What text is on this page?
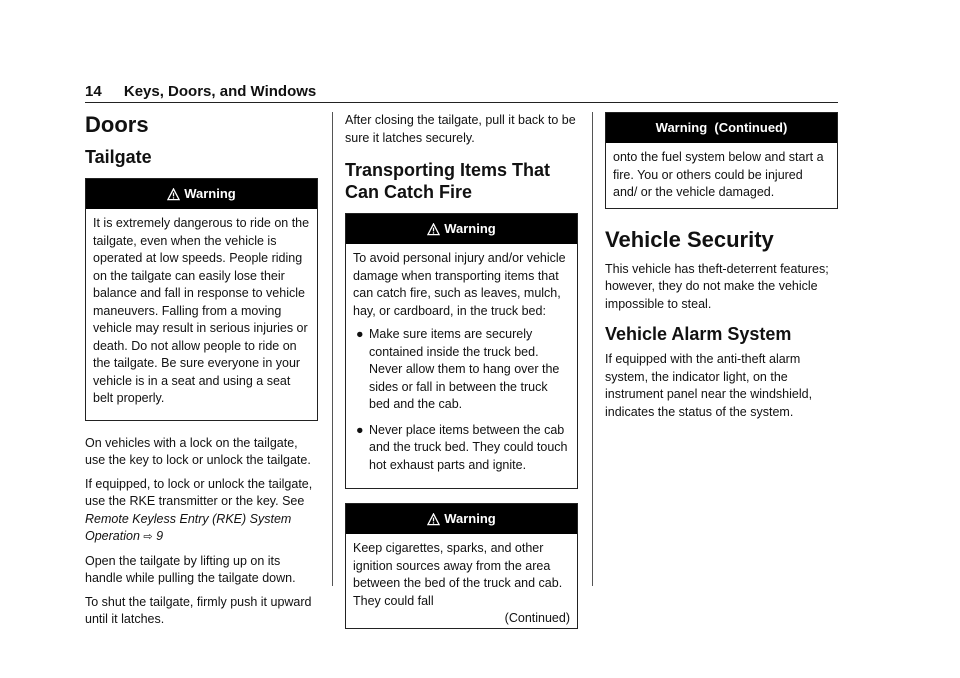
14 Keys, Doors, and Windows
Doors
Tailgate
Warning

It is extremely dangerous to ride on the tailgate, even when the vehicle is operated at low speeds. People riding on the tailgate can easily lose their balance and fall in response to vehicle maneuvers. Falling from a moving vehicle may result in serious injuries or death. Do not allow people to ride on the tailgate. Be sure everyone in your vehicle is in a seat and using a seat belt properly.

On vehicles with a lock on the tailgate, use the key to lock or unlock the tailgate.

If equipped, to lock or unlock the tailgate, use the RKE transmitter or the key. See Remote Keyless Entry (RKE) System Operation ⇨ 9

Open the tailgate by lifting up on its handle while pulling the tailgate down.

To shut the tailgate, firmly push it upward until it latches.

After closing the tailgate, pull it back to be sure it latches securely.

Transporting Items That Can Catch Fire
Warning

To avoid personal injury and/or vehicle damage when transporting items that can catch fire, such as leaves, mulch, hay, or cardboard, in the truck bed:

● Make sure items are securely contained inside the truck bed. Never allow them to hang over the sides or fall in between the truck bed and the cab.
● Never place items between the cab and the truck bed. They could touch hot exhaust parts and ignite.
Warning

Keep cigarettes, sparks, and other ignition sources away from the area between the bed of the truck and cab. They could fall

(Continued)
Warning  (Continued)

onto the fuel system below and start a fire. You or others could be injured and/ or the vehicle damaged.

Vehicle Security

This vehicle has theft-deterrent features; however, they do not make the vehicle impossible to steal.

Vehicle Alarm System

If equipped with the anti-theft alarm system, the indicator light, on the instrument panel near the windshield, indicates the status of the system.
